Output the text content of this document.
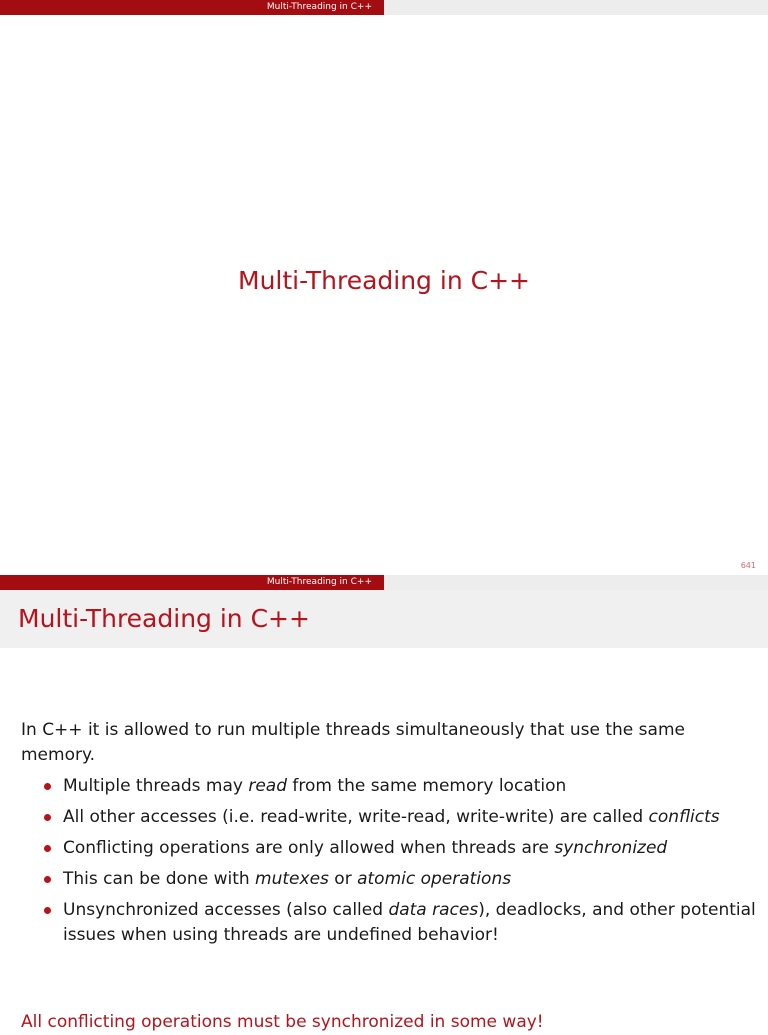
Multi-Threading in C++
Multi-Threading in C++
641
Multi-Threading in C++
Multi-Threading in C++
In C++ it is allowed to run multiple threads simultaneously that use the same memory.
Multiple threads may read from the same memory location
All other accesses (i.e. read-write, write-read, write-write) are called conflicts
Conflicting operations are only allowed when threads are synchronized
This can be done with mutexes or atomic operations
Unsynchronized accesses (also called data races), deadlocks, and other potential issues when using threads are undefined behavior!
All conflicting operations must be synchronized in some way!
